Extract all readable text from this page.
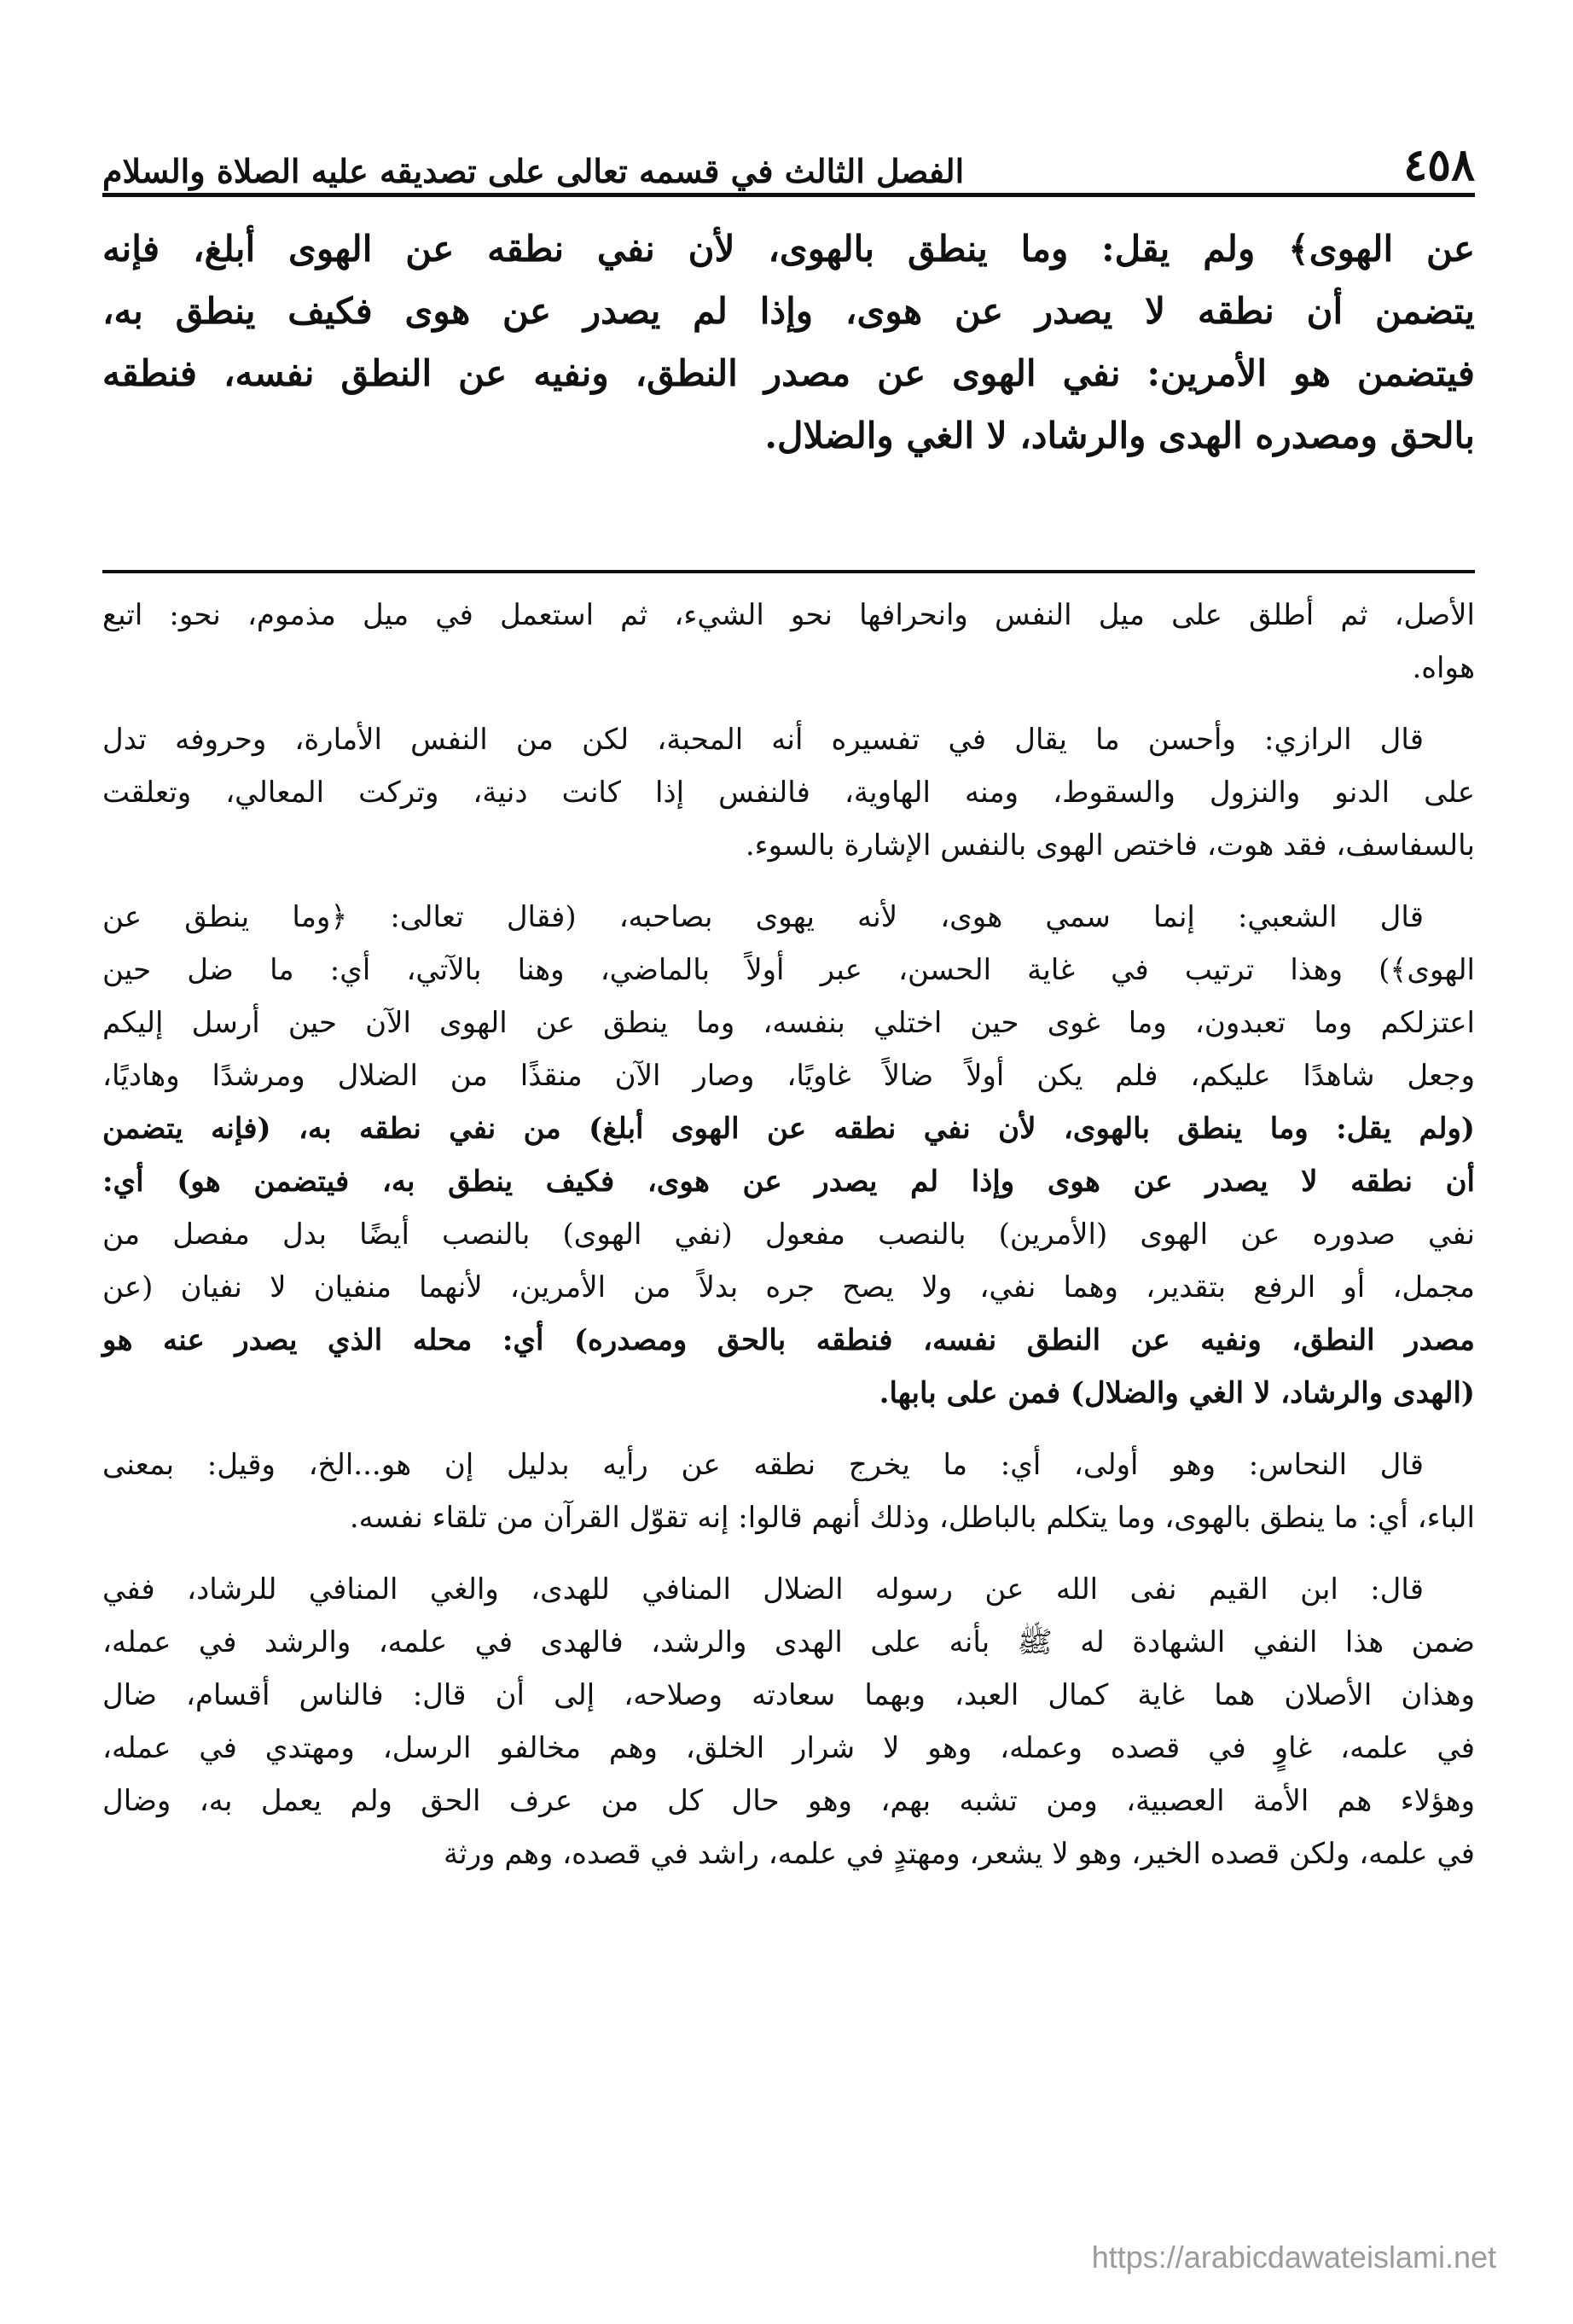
٤٥٨
الفصل الثالث في قسمه تعالى على تصديقه عليه الصلاة والسلام
عن الهوى﴾ ولم يقل: وما ينطق بالهوى، لأن نفي نطقه عن الهوى أبلغ، فإنه
يتضمن أن نطقه لا يصدر عن هوى، وإذا لم يصدر عن هوى فكيف ينطق به،
فيتضمن هو الأمرين: نفي الهوى عن مصدر النطق، ونفيه عن النطق نفسه، فنطقه
بالحق ومصدره الهدى والرشاد، لا الغي والضلال.
الأصل، ثم أطلق على ميل النفس وانحرافها نحو الشيء، ثم استعمل في ميل مذموم، نحو: اتبع
هواه.
قال الرازي: وأحسن ما يقال في تفسيره أنه المحبة، لكن من النفس الأمارة، وحروفه تدل
على الدنو والنزول والسقوط، ومنه الهاوية، فالنفس إذا كانت دنية، وتركت المعالي، وتعلقت
بالسفاسف، فقد هوت، فاختص الهوى بالنفس الإشارة بالسوء.
قال الشعبي: إنما سمي هوى، لأنه يهوى بصاحبه، (فقال تعالى: ﴿وما ينطق عن
الهوى﴾) وهذا ترتيب في غاية الحسن، عبر أولاً بالماضي، وهنا بالآتي، أي: ما ضل حين
اعتزلكم وما تعبدون، وما غوى حين اختلي بنفسه، وما ينطق عن الهوى الآن حين أرسل إليكم
وجعل شاهدًا عليكم، فلم يكن أولاً ضالاً غاويًا، وصار الآن منقذًا من الضلال ومرشدًا وهاديًا،
(ولم يقل: وما ينطق بالهوى، لأن نفي نطقه عن الهوى أبلغ) من نفي نطقه به، (فإنه يتضمن
أن نطقه لا يصدر عن هوى وإذا لم يصدر عن هوى، فكيف ينطق به، فيتضمن هو) أي:
نفي صدوره عن الهوى (الأمرين) بالنصب مفعول (نفي الهوى) بالنصب أيضًا بدل مفصل من
مجمل، أو الرفع بتقدير، وهما نفي، ولا يصح جره بدلاً من الأمرين، لأنهما منفيان لا نفيان (عن
مصدر النطق، ونفيه عن النطق نفسه، فنطقه بالحق ومصدره) أي: محله الذي يصدر عنه هو
(الهدى والرشاد، لا الغي والضلال) فمن على بابها.
قال النحاس: وهو أولى، أي: ما يخرج نطقه عن رأيه بدليل إن هو...الخ، وقيل: بمعنى
الباء، أي: ما ينطق بالهوى، وما يتكلم بالباطل، وذلك أنهم قالوا: إنه تقوّل القرآن من تلقاء نفسه.
قال: ابن القيم نفى الله عن رسوله الضلال المنافي للهدى، والغي المنافي للرشاد، ففي
ضمن هذا النفي الشهادة له ﷺ بأنه على الهدى والرشد، فالهدى في علمه، والرشد في عمله،
وهذان الأصلان هما غاية كمال العبد، وبهما سعادته وصلاحه، إلى أن قال: فالناس أقسام، ضال
في علمه، غاوٍ في قصده وعمله، وهو لا شرار الخلق، وهم مخالفو الرسل، ومهتدي في عمله،
وهؤلاء هم الأمة العصبية، ومن تشبه بهم، وهو حال كل من عرف الحق ولم يعمل به، وضال
في علمه، ولكن قصده الخير، وهو لا يشعر، ومهتدٍ في علمه، راشد في قصده، وهم ورثة
https://arabicdawateislami.net
